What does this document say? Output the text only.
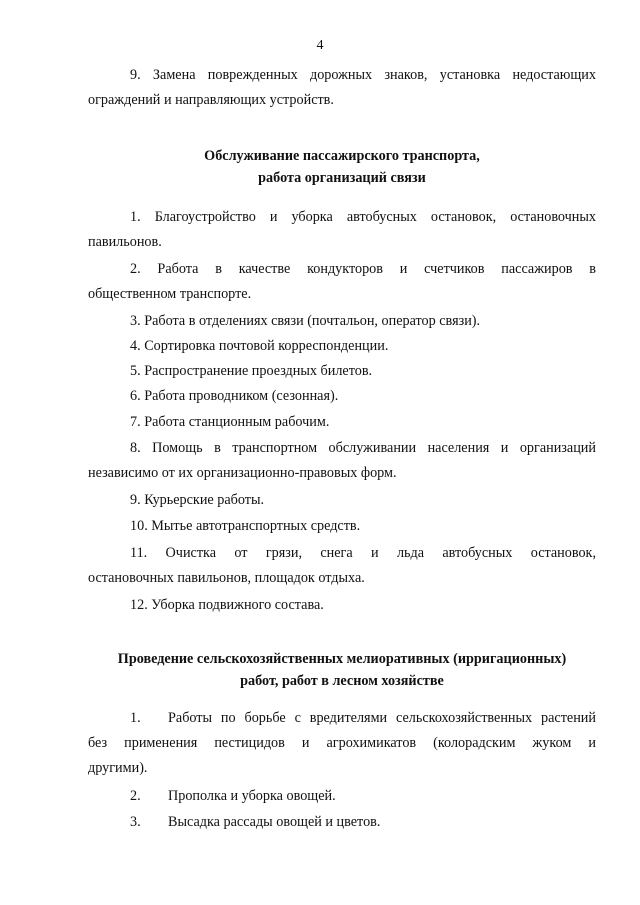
4
9. Замена поврежденных дорожных знаков, установка недостающих
ограждений и направляющих устройств.
Обслуживание пассажирского транспорта,
работа организаций связи
1. Благоустройство и уборка автобусных остановок, остановочных
павильонов.
2. Работа в качестве кондукторов и счетчиков пассажиров в
общественном транспорте.
3. Работа в отделениях связи (почтальон, оператор связи).
4. Сортировка почтовой корреспонденции.
5. Распространение проездных билетов.
6. Работа проводником (сезонная).
7. Работа станционным рабочим.
8. Помощь в транспортном обслуживании населения и организаций
независимо от их организационно-правовых форм.
9. Курьерские работы.
10. Мытье автотранспортных средств.
11. Очистка от грязи, снега и льда автобусных остановок,
остановочных павильонов, площадок отдыха.
12. Уборка подвижного состава.
Проведение сельскохозяйственных мелиоративных (ирригационных)
работ, работ в лесном хозяйстве
1. Работы по борьбе с вредителями сельскохозяйственных растений
без применения пестицидов и агрохимикатов (колорадским жуком и
другими).
2. Прополка и уборка овощей.
3. Высадка рассады овощей и цветов.
